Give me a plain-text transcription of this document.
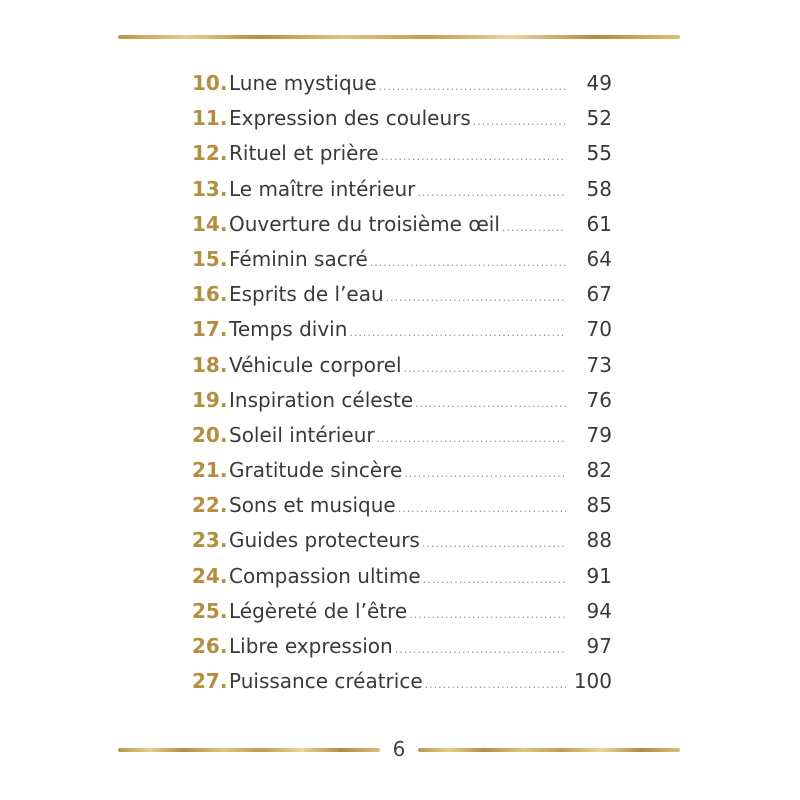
10. Lune mystique .....	49
11. Expression des couleurs .....	52
12. Rituel et prière .....	55
13. Le maître intérieur .....	58
14. Ouverture du troisième œil .....	61
15. Féminin sacré .....	64
16. Esprits de l’eau .....	67
17. Temps divin .....	70
18. Véhicule corporel .....	73
19. Inspiration céleste .....	76
20. Soleil intérieur .....	79
21. Gratitude sincère .....	82
22. Sons et musique .....	85
23. Guides protecteurs .....	88
24. Compassion ultime .....	91
25. Légèreté de l’être .....	94
26. Libre expression .....	97
27. Puissance créatrice .....	100
6
